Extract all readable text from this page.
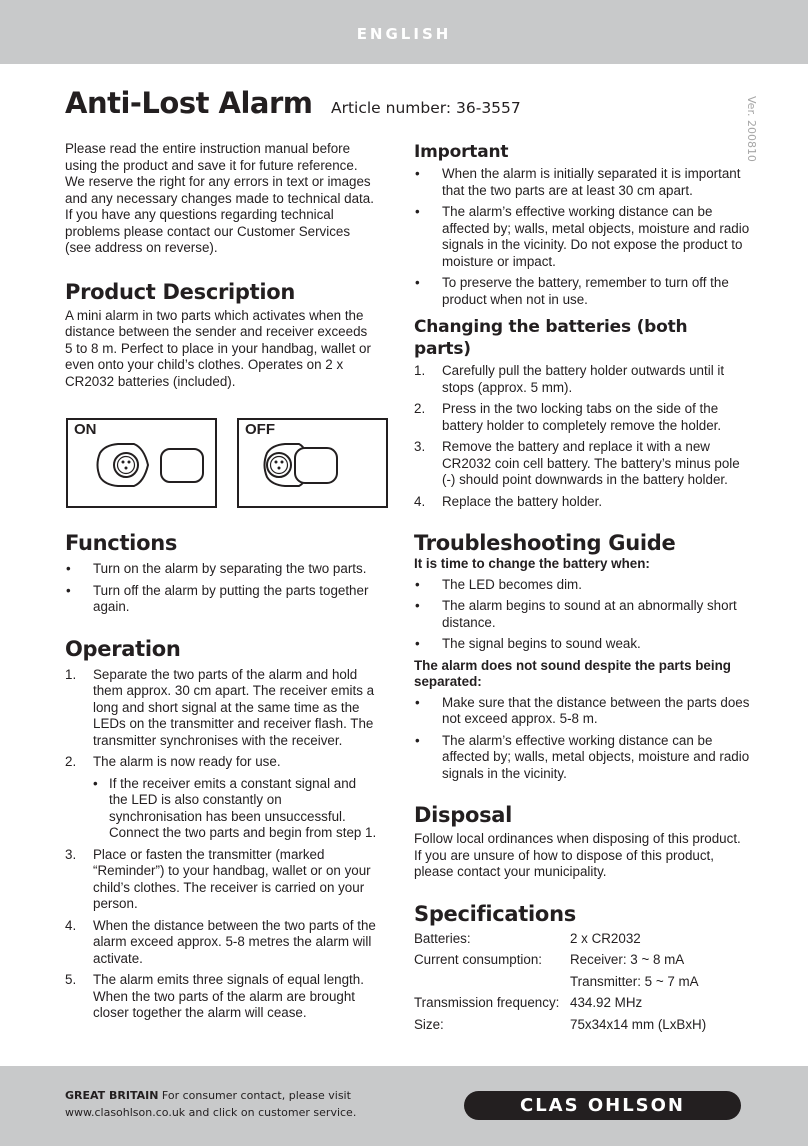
ENGLISH
Anti-Lost Alarm Article number: 36-3557	Ver. 200810

Please read the entire instruction manual before using the product and save it for future reference. We reserve the right for any errors in text or images and any necessary changes made to technical data. If you have any questions regarding technical problems please contact our Customer Services (see address on reverse).

Product Description

A mini alarm in two parts which activates when the distance between the sender and receiver exceeds 5 to 8 m. Perfect to place in your handbag, wallet or even onto your child’s clothes. Operates on 2 x CR2032 batteries (included).

ON	OFF
Functions
• Turn on the alarm by separating the two parts.
• Turn off the alarm by putting the parts together again.
Operation
1. Separate the two parts of the alarm and hold them approx. 30 cm apart. The receiver emits a long and short signal at the same time as the LEDs on the transmitter and receiver flash. The transmitter synchronises with the receiver.
2. The alarm is now ready for use.
• If the receiver emits a constant signal and the LED is also constantly on synchronisation has been unsuccessful. Connect the two parts and begin from step 1.
3. Place or fasten the transmitter (marked “Reminder”) to your handbag, wallet or on your child’s clothes. The receiver is carried on your person.
4. When the distance between the two parts of the alarm exceed approx. 5-8 metres the alarm will activate.
5. The alarm emits three signals of equal length. When the two parts of the alarm are brought closer together the alarm will cease.
Important
• When the alarm is initially separated it is important that the two parts are at least 30 cm apart.
• The alarm’s effective working distance can be affected by; walls, metal objects, moisture and radio signals in the vicinity. Do not expose the product to moisture or impact.
• To preserve the battery, remember to turn off the product when not in use.
Changing the batteries (both parts)
1. Carefully pull the battery holder outwards until it stops (approx. 5 mm).
2. Press in the two locking tabs on the side of the battery holder to completely remove the holder.
3. Remove the battery and replace it with a new CR2032 coin cell battery. The battery’s minus pole (-) should point downwards in the battery holder.
4. Replace the battery holder.
Troubleshooting Guide

It is time to change the battery when:

• The LED becomes dim.
• The alarm begins to sound at an abnormally short distance.
• The signal begins to sound weak.

The alarm does not sound despite the parts being separated:

• Make sure that the distance between the parts does not exceed approx. 5-8 m.
• The alarm’s effective working distance can be affected by; walls, metal objects, moisture and radio signals in the vicinity.
Disposal

Follow local ordinances when disposing of this product. If you are unsure of how to dispose of this product, please contact your municipality.

Specifications
Batteries:	2 x CR2032
Current consumption:	Receiver: 3 ~ 8 mA
	Transmitter: 5 ~ 7 mA
Transmission frequency:	434.92 MHz
Size:	75x34x14 mm (LxBxH)
GREAT BRITAIN For consumer contact, please visit www.clasohlson.co.uk and click on customer service.	CLAS OHLSON
